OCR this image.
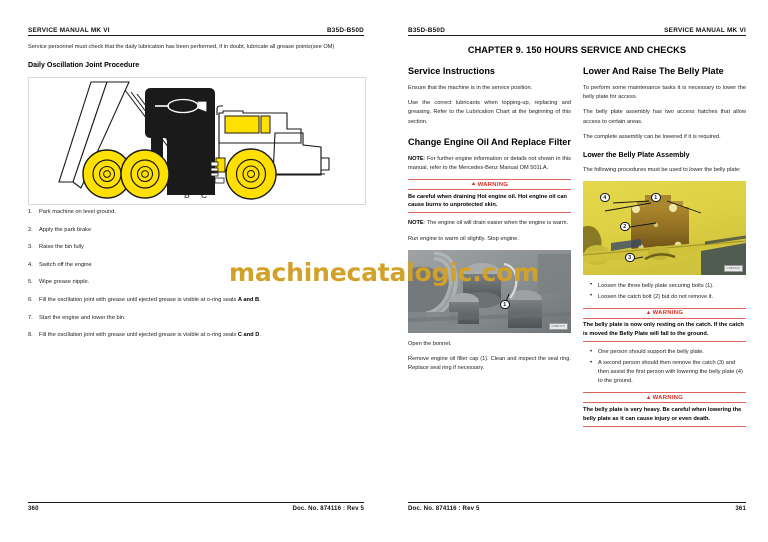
SERVICE MANUAL MK VI	B35D-B50D

Service personnel must check that the daily lubrication has been performed, if in doubt, lubricate all grease points(see OM)

Daily Oscillation Joint Procedure
D A
B C
Park machine on level ground.
Apply the park brake
Raise the bin fully
Switch off the engine
Wipe grease nipple.
Fill the oscillation joint with grease until ejected grease is visible at o-ring seals A and B.
Start the engine and lower the bin.
Fill the oscillation joint with grease until ejected grease is visible at o-ring seals C and D.
360	Doc. No. 874116 : Rev 5
B35D-B50D	SERVICE MANUAL MK VI
CHAPTER 9. 150 HOURS SERVICE AND CHECKS
Service Instructions

Ensure that the machine is in the service position.

Use the correct lubricants when topping-up, replacing and greasing. Refer to the Lubrication Chart at the beginning of this section.

Change Engine Oil And Replace Filter

NOTE: For further engine information or details not shown in this manual, refer to the Mercedes-Benz Manual OM 501LA.

▲WARNING
Be careful when draining Hot engine oil. Hot engine oil can cause burns to unprotected skin.

NOTE: The engine oil will drain easier when the engine is warm.

Run engine to warm oil slightly. Stop engine.

1
C03017V

Open the bonnet.

Remove engine oil filler cap (1). Clean and inspect the seal ring. Replace seal ring if necessary.

Lower And Raise The Belly Plate

To perform some maintenance tasks it is necessary to lower the belly plate for access.

The belly plate assembly has two access hatches that allow access to certain areas.

The complete assembly can be lowered if it is required.

Lower the Belly Plate Assembly

The following procedures must be used to lower the belly plate:

4	1
2
3
C03004V
• Loosen the three belly plate securing bolts (1).
• Loosen the catch bolt (2) but do not remove it.
▲WARNING
The belly plate is now only resting on the catch. If the catch is moved the Belly Plate will fall to the ground.
• One person should support the belly plate.
• A second person should then remove the catch (3) and then assist the first person with lowering the belly plate (4) to the ground.
▲WARNING
The belly plate is very heavy. Be careful when lowering the belly plate as it can cause injury or even death.
Doc. No. 874116 : Rev 5	361
machinecatalogic.com
